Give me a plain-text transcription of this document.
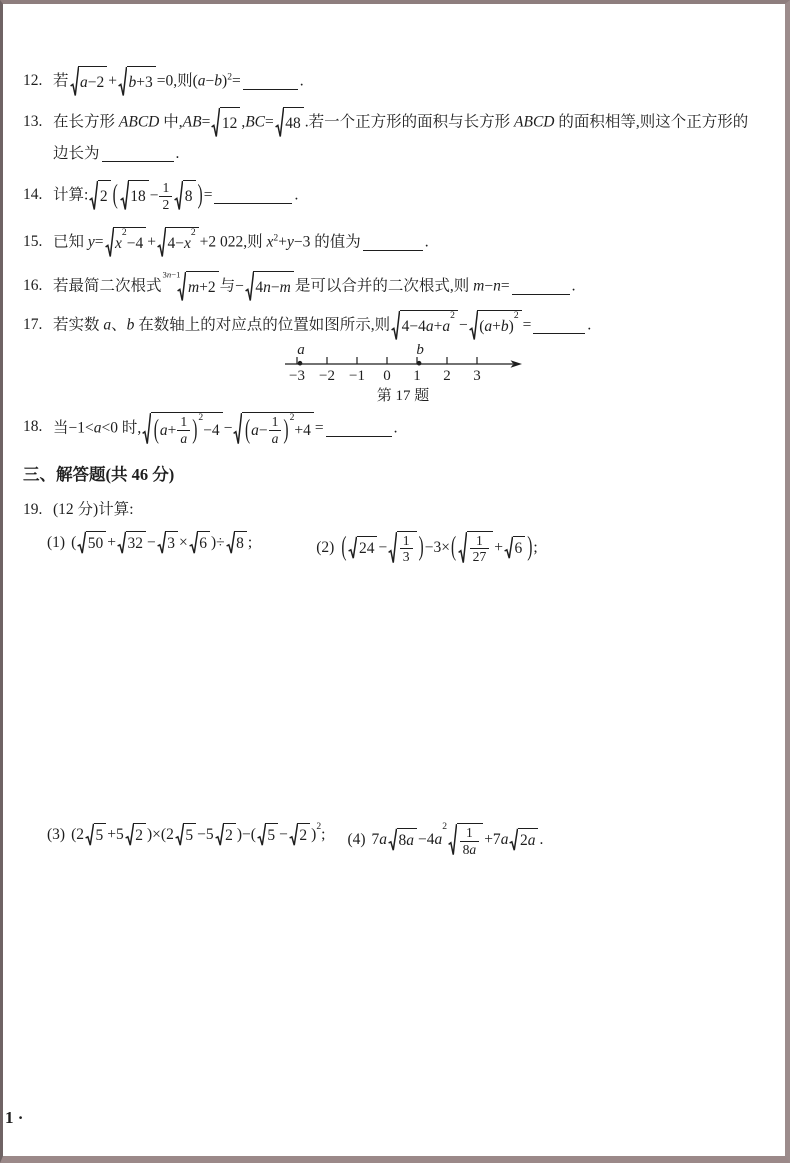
12. 若 a −2 + b +3 =0,则$(a-b)^2=$	.
13. 在长方形 ABCD 中,AB= 12 ,BC= 48 .若一个正方形的面积与长方形 ABCD 的面积相等,则这个正方形的边长为	.
14. 计算: 2 ( $18 - \frac{1}{2} 8$ ) =	.
15. 已知 y= x
$^2$
−4 + 4− x
$^2$
+2 022,则 $x^2+y-3$ 的值为	.
16. 若最简二次根式
3n−1
m +2 与− 4 n − m 是可以合并的二次根式,则 m−n=	.
17. 若实数 a、b 在数轴上的对应点的位置如图所示,则 4−4 a + a
$^2$
− ( a + b )
$^2$
=	.
−3 −2 −1 0 1 2 3
a	b
第 17 题
18. 当−1<a<0 时, ( $a + \frac{1}{a} )^2$
−4 − ( $a - \frac{1}{a} )^2$
+4 =	.
三、解答题(共 46 分)
19. (12 分)计算:
(1) ( 50 + 32 − 3 × 6 )÷ 8 ;	(2) ( $24 - \frac{1}{3}$ ) −3× ( $\frac{1}{27} + 6$ ) ;
(3) (2 5 +5 2 )×(2 5 −5 2 )−( 5 − 2 )$^2$ ; (4) 7 a 8 a −4 a
$^2 \frac{1}{8a} +7$ a 2 a .
1 ·
